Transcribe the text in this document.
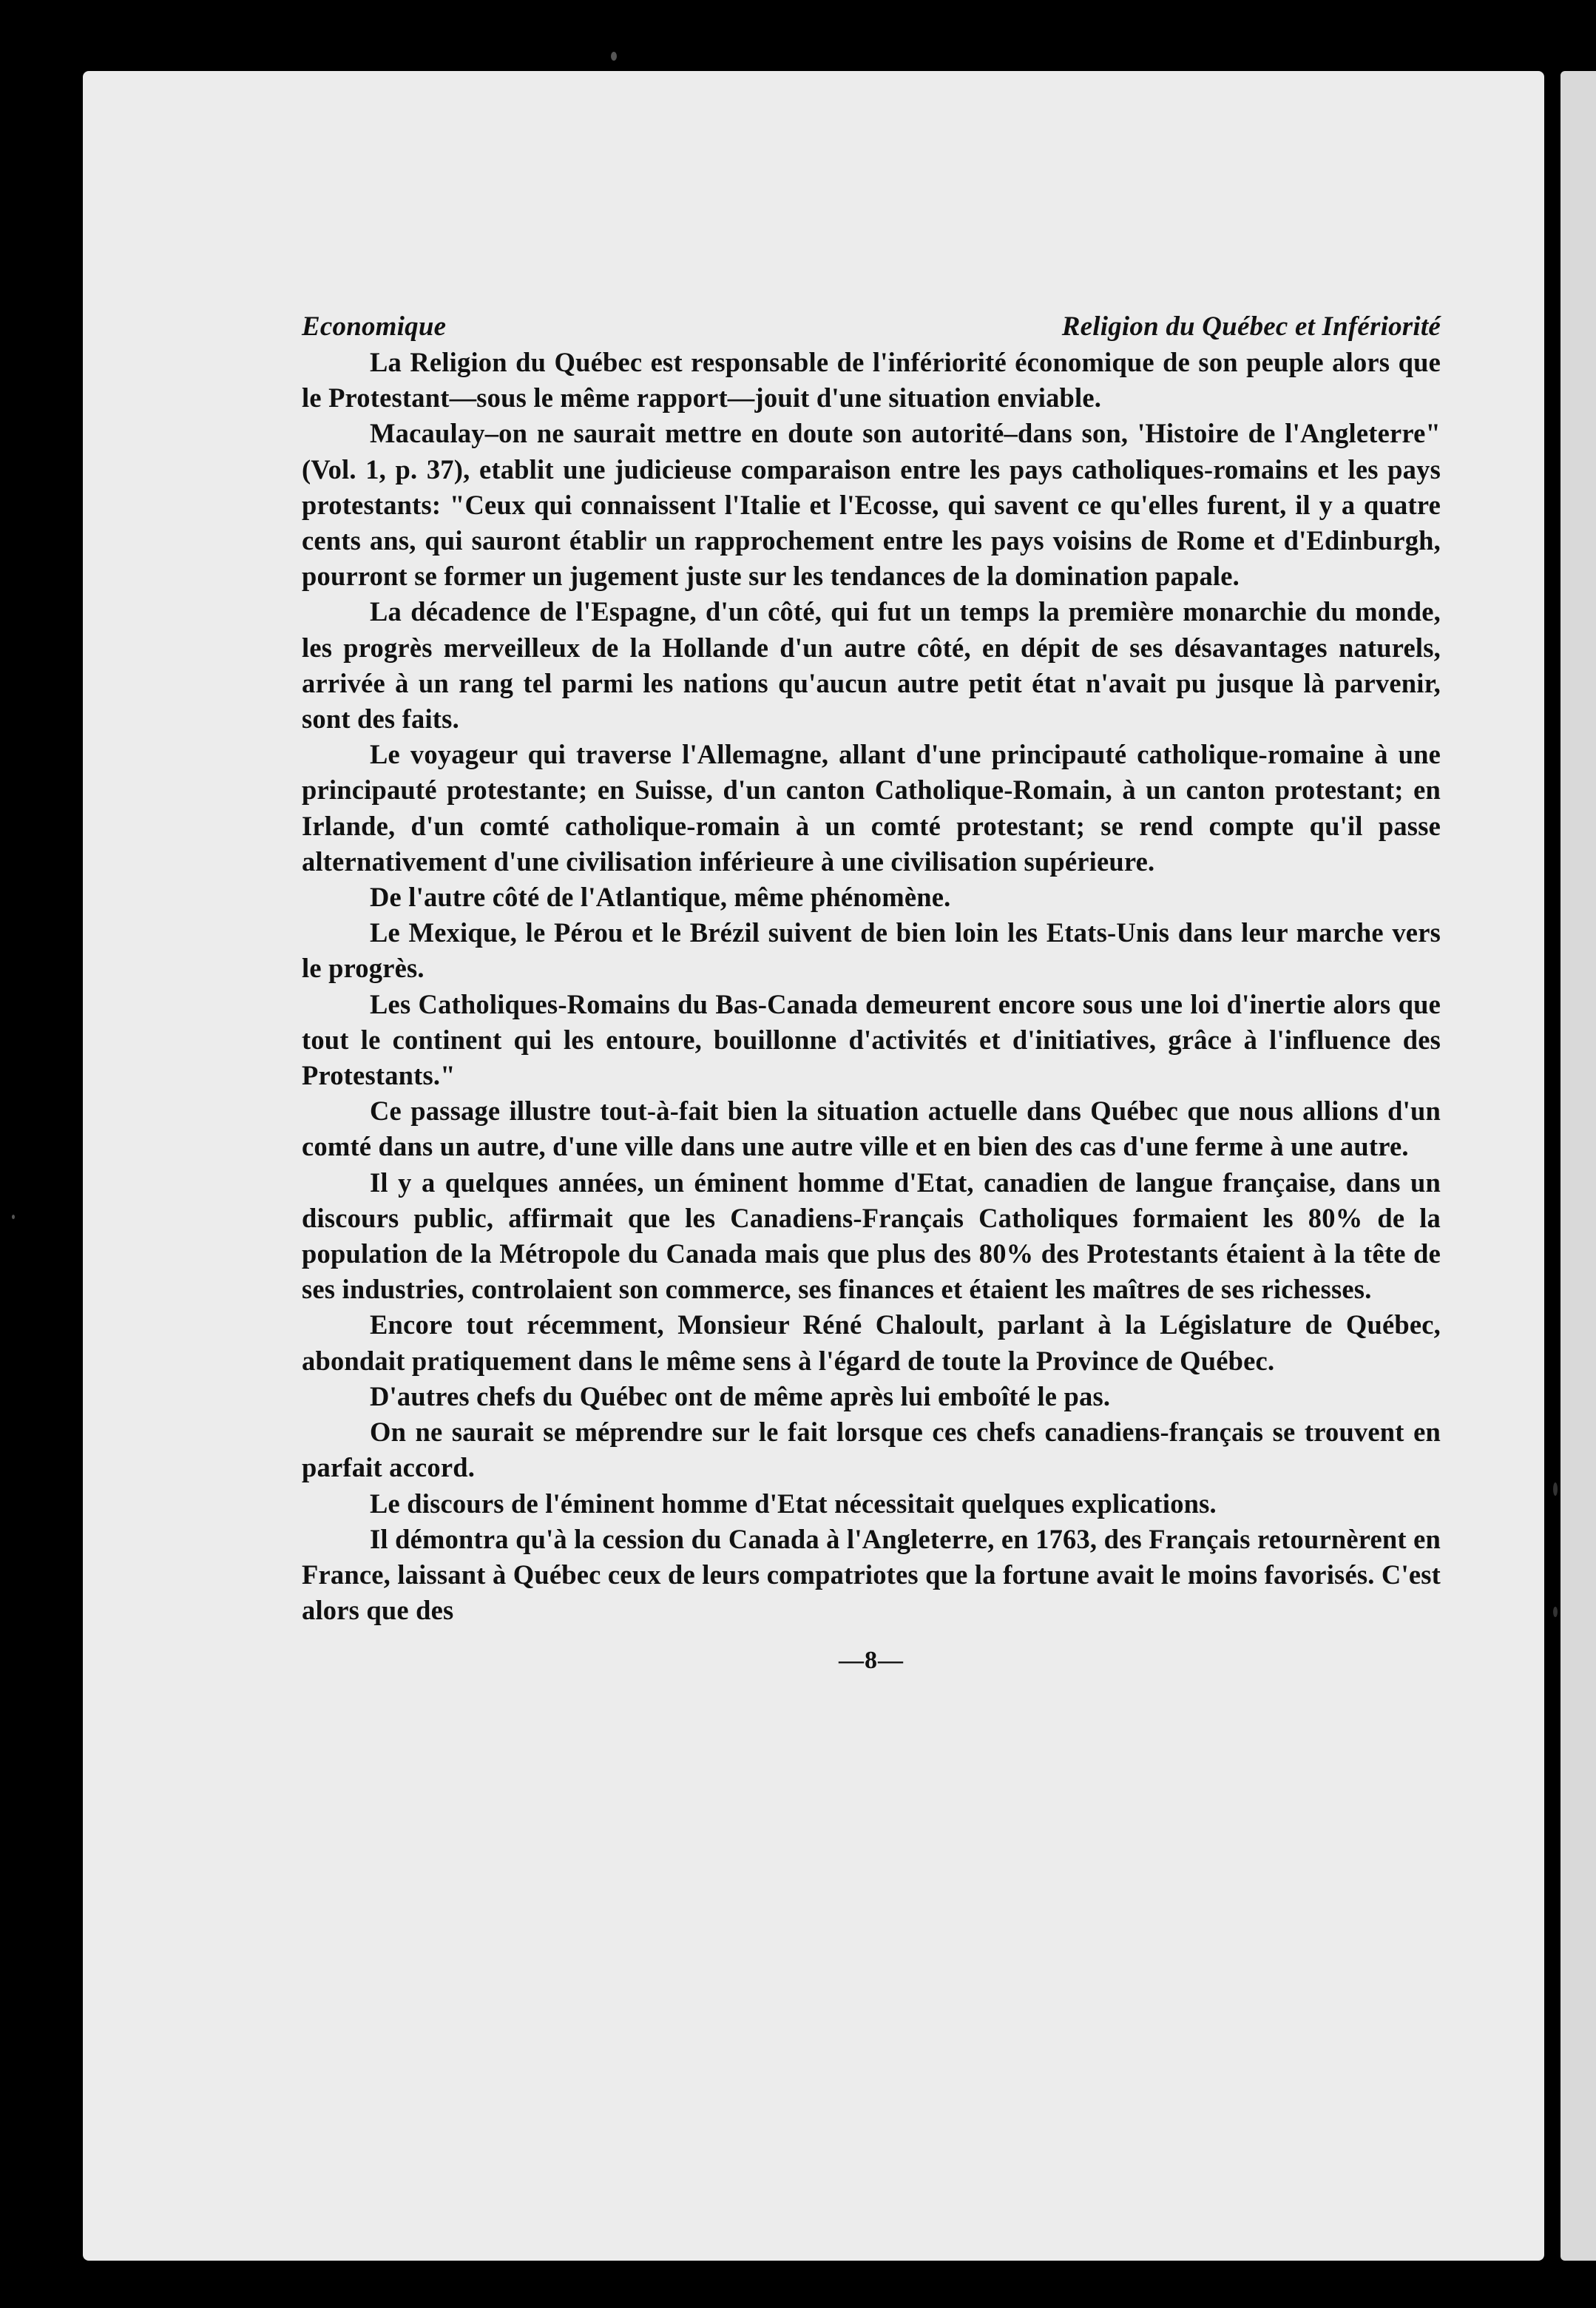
Economique	Religion du Québec et Infériorité

La Religion du Québec est responsable de l'infériorité économique de son peuple alors que le Protestant—sous le même rapport—jouit d'une situation enviable.

Macaulay–on ne saurait mettre en doute son autorité–dans son, 'Histoire de l'Angleterre"(Vol. 1, p. 37), etablit une judicieuse comparaison entre les pays catholiques-romains et les pays protestants: "Ceux qui connaissent l'Italie et l'Ecosse, qui savent ce qu'elles furent, il y a quatre cents ans, qui sauront établir un rapprochement entre les pays voisins de Rome et d'Edinburgh, pourront se former un jugement juste sur les tendances de la domination papale.

La décadence de l'Espagne, d'un côté, qui fut un temps la première monarchie du monde, les progrès merveilleux de la Hollande d'un autre côté, en dépit de ses désavantages naturels, arrivée à un rang tel parmi les nations qu'aucun autre petit état n'avait pu jusque là parvenir, sont des faits.

Le voyageur qui traverse l'Allemagne, allant d'une principauté catholique-romaine à une principauté protestante; en Suisse, d'un canton Catholique-Romain, à un canton protestant; en Irlande, d'un comté catholique-romain à un comté protestant; se rend compte qu'il passe alternativement d'une civilisation inférieure à une civilisation supérieure.

De l'autre côté de l'Atlantique, même phénomène.

Le Mexique, le Pérou et le Brézil suivent de bien loin les Etats-Unis dans leur marche vers le progrès.

Les Catholiques-Romains du Bas-Canada demeurent encore sous une loi d'inertie alors que tout le continent qui les entoure, bouillonne d'activités et d'initiatives, grâce à l'influence des Protestants."

Ce passage illustre tout-à-fait bien la situation actuelle dans Québec que nous allions d'un comté dans un autre, d'une ville dans une autre ville et en bien des cas d'une ferme à une autre.

Il y a quelques années, un éminent homme d'Etat, canadien de langue française, dans un discours public, affirmait que les Canadiens-Français Catholiques formaient les 80% de la population de la Métropole du Canada mais que plus des 80% des Protestants étaient à la tête de ses industries, controlaient son commerce, ses finances et étaient les maîtres de ses richesses.

Encore tout récemment, Monsieur Réné Chaloult, parlant à la Législature de Québec, abondait pratiquement dans le même sens à l'égard de toute la Province de Québec.

D'autres chefs du Québec ont de même après lui emboîté le pas.

On ne saurait se méprendre sur le fait lorsque ces chefs canadiens-français se trouvent en parfait accord.

Le discours de l'éminent homme d'Etat nécessitait quelques explications.

Il démontra qu'à la cession du Canada à l'Angleterre, en 1763, des Français retournèrent en France, laissant à Québec ceux de leurs compatriotes que la fortune avait le moins favorisés. C'est alors que des

—8—
